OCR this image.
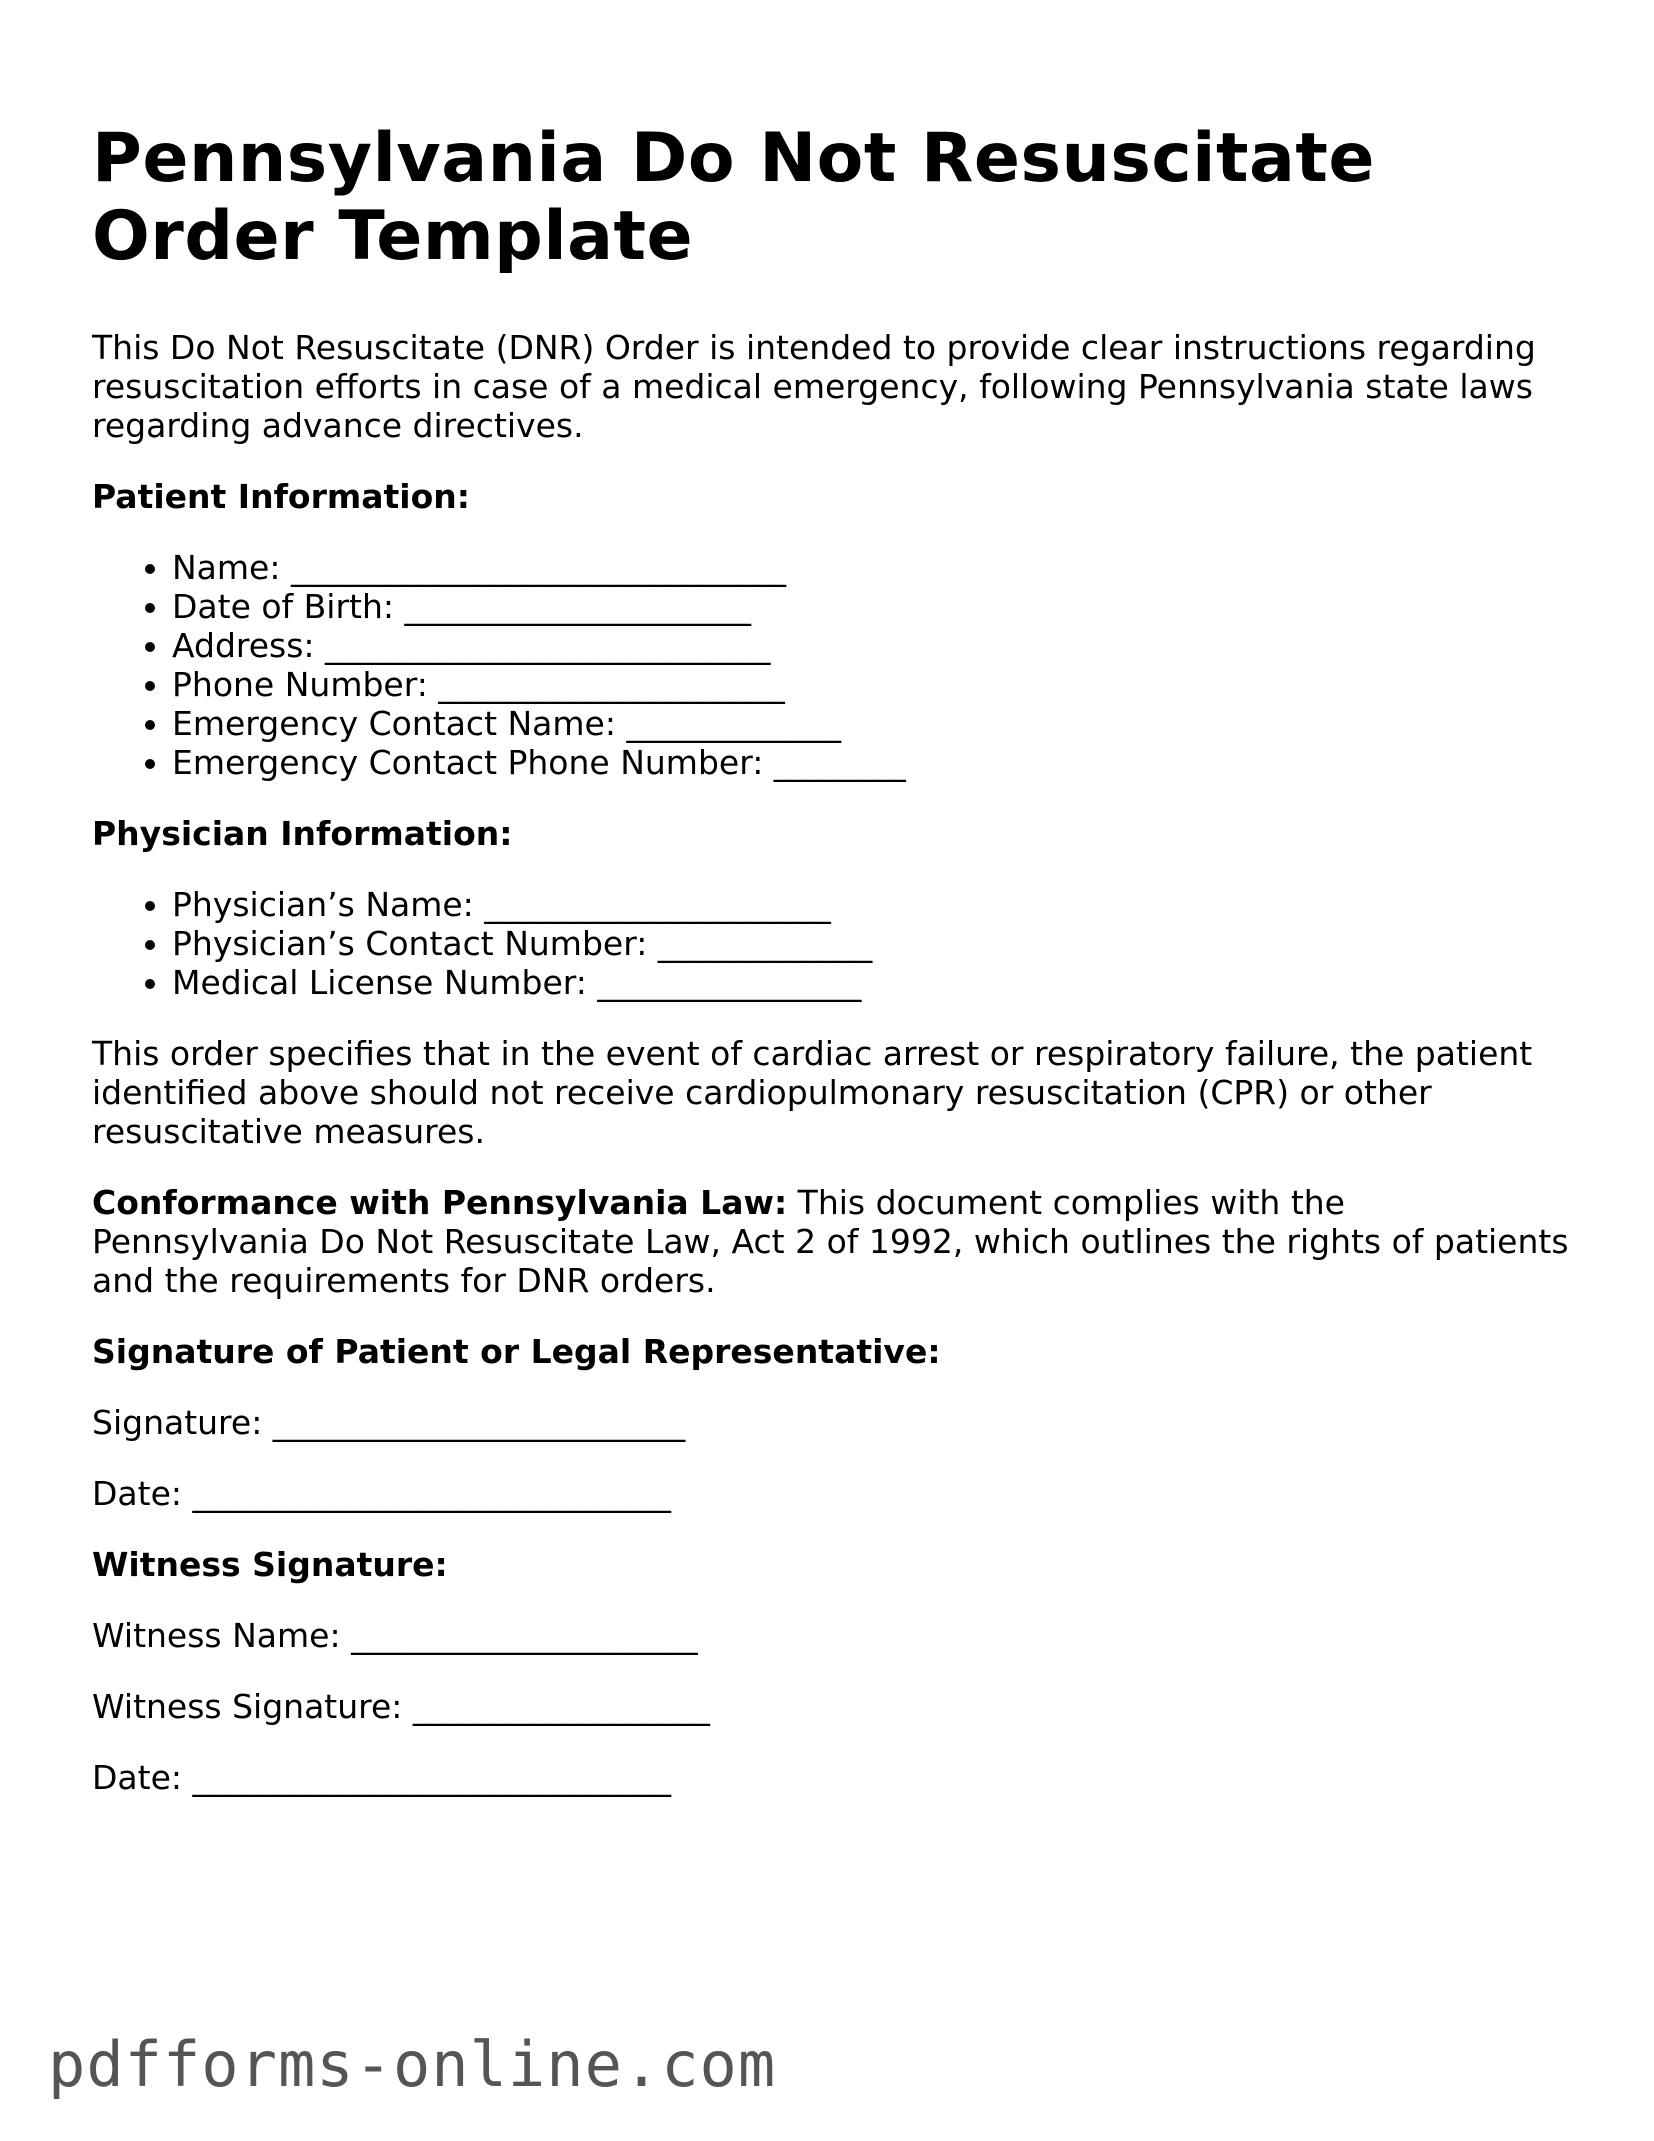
Pennsylvania Do Not Resuscitate Order Template

This Do Not Resuscitate (DNR) Order is intended to provide clear instructions regarding resuscitation efforts in case of a medical emergency, following Pennsylvania state laws regarding advance directives.

Patient Information:
• Name: ______________________________
• Date of Birth: _____________________
• Address: ___________________________
• Phone Number: _____________________
• Emergency Contact Name: _____________
• Emergency Contact Phone Number: ________
Physician Information:
• Physician’s Name: _____________________
• Physician’s Contact Number: _____________
• Medical License Number: ________________

This order specifies that in the event of cardiac arrest or respiratory failure, the patient identified above should not receive cardiopulmonary resuscitation (CPR) or other resuscitative measures.

Conformance with Pennsylvania Law: This document complies with the Pennsylvania Do Not Resuscitate Law, Act 2 of 1992, which outlines the rights of patients and the requirements for DNR orders.

Signature of Patient or Legal Representative:

Signature: _________________________

Date: _____________________________

Witness Signature:

Witness Name: _____________________

Witness Signature: __________________

Date: _____________________________

pdfforms-online.com
